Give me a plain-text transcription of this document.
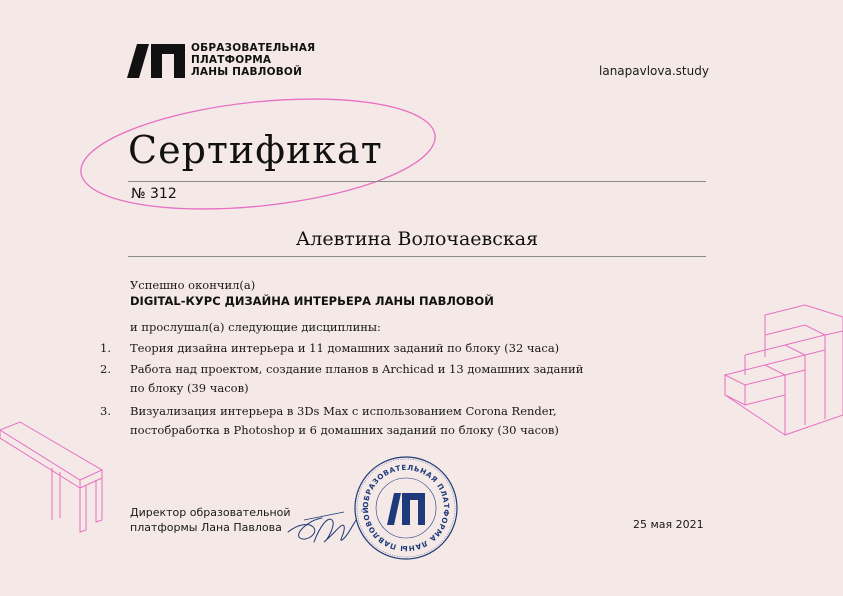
ОБРАЗОВАТЕЛЬНАЯ
ПЛАТФОРМА
ЛАНЫ ПАВЛОВОЙ	lanapavlova.study
Сертификат
№ 312
Алевтина Волочаевская
Успешно окончил(а)
DIGITAL-КУРС ДИЗАЙНА ИНТЕРЬЕРА ЛАНЫ ПАВЛОВОЙ
и прослушал(а) следующие дисциплины:
1. Теория дизайна интерьера и 11 домашних заданий по блоку (32 часа)
2. Работа над проектом, создание планов в Archicad и 13 домашних заданий
по блоку (39 часов)
3. Визуализация интерьера в 3Ds Max с использованием Corona Render,
постобработка в Photoshop и 6 домашних заданий по блоку (30 часов)
Директор образовательной
платформы Лана Павлова
ОБРАЗОВАТЕЛЬНАЯ ПЛАТФОРМА ЛАНЫ ПАВЛОВОЙ
25 мая 2021
